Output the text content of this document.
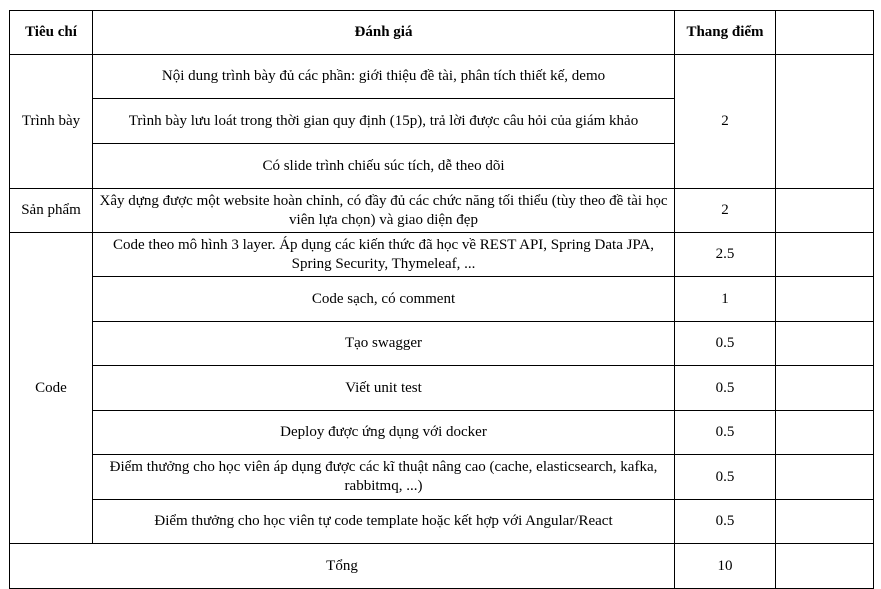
Tiêu chí	Đánh giá	Thang điểm	
Trình bày	Nội dung trình bày đủ các phần: giới thiệu đề tài, phân tích thiết kế, demo	2	
	Trình bày lưu loát trong thời gian quy định (15p), trả lời được câu hỏi của giám khảo		
	Có slide trình chiếu súc tích, dễ theo dõi		
Sản phẩm	Xây dựng được một website hoàn chỉnh, có đầy đủ các chức năng tối thiểu (tùy theo đề tài học viên lựa chọn) và giao diện đẹp	2	
Code	Code theo mô hình 3 layer. Áp dụng các kiến thức đã học về REST API, Spring Data JPA, Spring Security, Thymeleaf, ...	2.5	
	Code sạch, có comment	1	
	Tạo swagger	0.5	
	Viết unit test	0.5	
	Deploy được ứng dụng với docker	0.5	
	Điểm thưởng cho học viên áp dụng được các kĩ thuật nâng cao (cache, elasticsearch, kafka, rabbitmq, ...)	0.5	
	Điểm thưởng cho học viên tự code template hoặc kết hợp với Angular/React	0.5	
Tổng		10	
